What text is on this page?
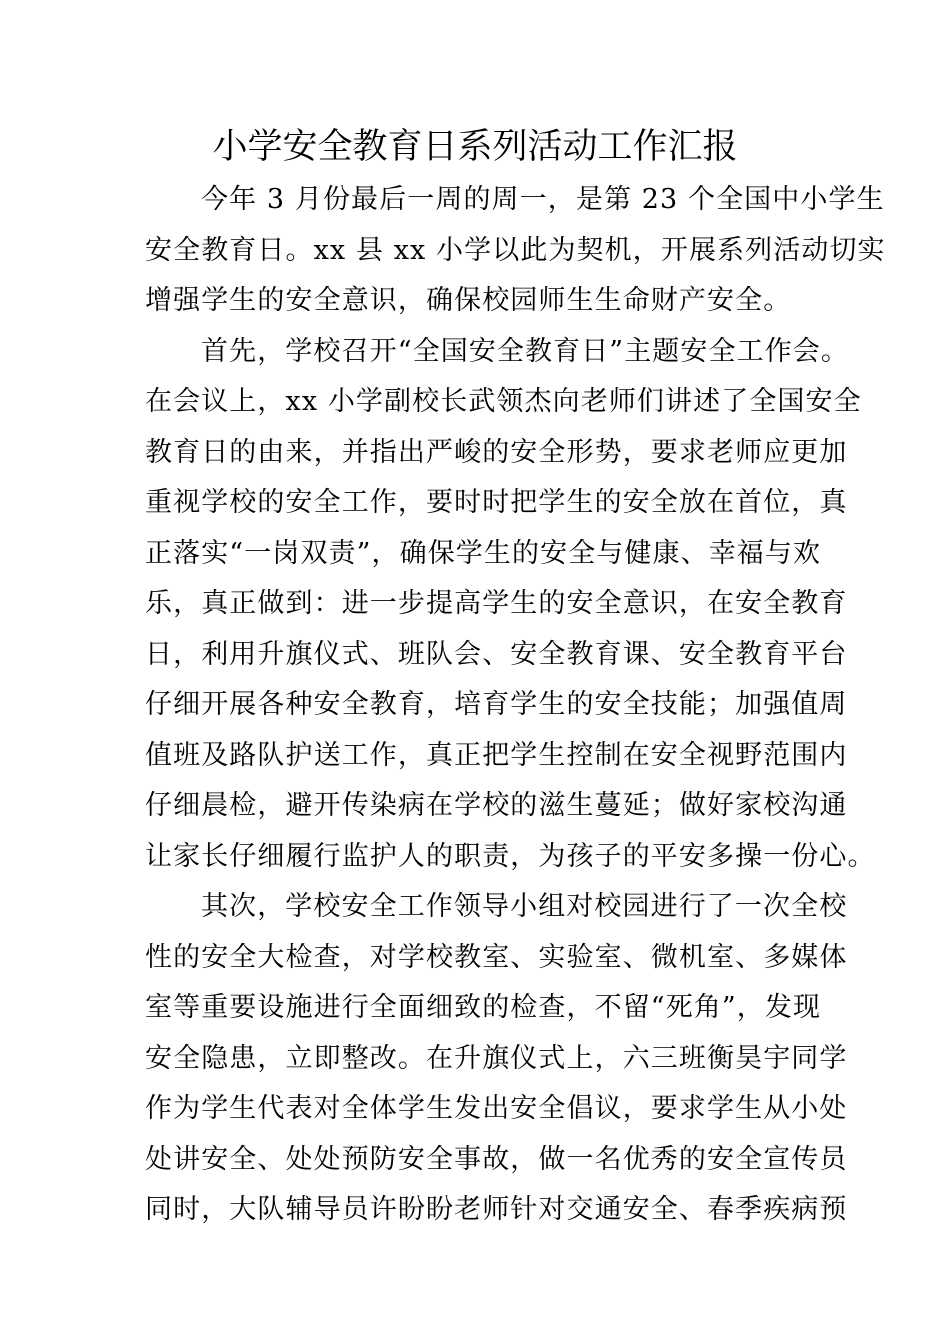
小学安全教育日系列活动工作汇报
今年 3 月份最后一周的周一，是第 23 个全国中小学生
安全教育日。xx 县 xx 小学以此为契机，开展系列活动切实
增强学生的安全意识，确保校园师生生命财产安全。
首先，学校召开“全国安全教育日”主题安全工作会。
在会议上，xx 小学副校长武领杰向老师们讲述了全国安全
教育日的由来，并指出严峻的安全形势，要求老师应更加
重视学校的安全工作，要时时把学生的安全放在首位，真
正落实“一岗双责”，确保学生的安全与健康、幸福与欢
乐，真正做到：进一步提高学生的安全意识，在安全教育
日，利用升旗仪式、班队会、安全教育课、安全教育平台
仔细开展各种安全教育，培育学生的安全技能；加强值周
值班及路队护送工作，真正把学生控制在安全视野范围内
仔细晨检，避开传染病在学校的滋生蔓延；做好家校沟通
让家长仔细履行监护人的职责，为孩子的平安多操一份心。
其次，学校安全工作领导小组对校园进行了一次全校
性的安全大检查，对学校教室、实验室、微机室、多媒体
室等重要设施进行全面细致的检查，不留“死角”，发现
安全隐患，立即整改。在升旗仪式上，六三班衡昊宇同学
作为学生代表对全体学生发出安全倡议，要求学生从小处
处讲安全、处处预防安全事故，做一名优秀的安全宣传员
同时，大队辅导员许盼盼老师针对交通安全、春季疾病预
